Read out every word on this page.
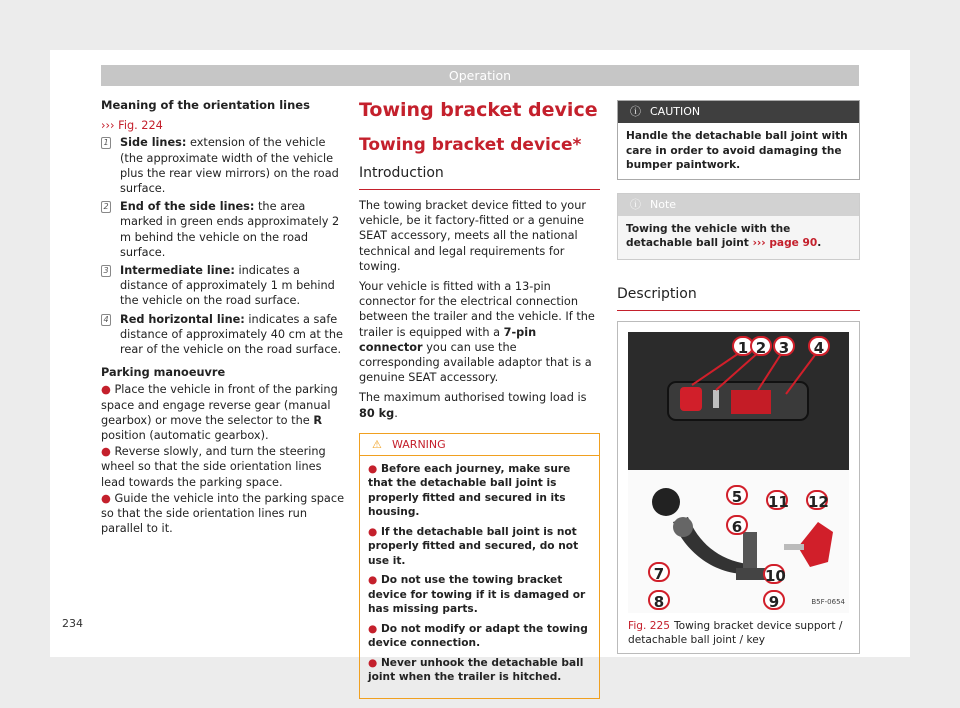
Operation
Meaning of the orientation lines
››› Fig. 224
1 Side lines: extension of the vehicle (the approximate width of the vehicle plus the rear view mirrors) on the road surface.
2 End of the side lines: the area marked in green ends approximately 2 m behind the vehicle on the road surface.
3 Intermediate line: indicates a distance of approximately 1 m behind the vehicle on the road surface.
4 Red horizontal line: indicates a safe distance of approximately 40 cm at the rear of the vehicle on the road surface.
Parking manoeuvre
● Place the vehicle in front of the parking space and engage reverse gear (manual gearbox) or move the selector to the R position (automatic gearbox).
● Reverse slowly, and turn the steering wheel so that the side orientation lines lead towards the parking space.
● Guide the vehicle into the parking space so that the side orientation lines run parallel to it.
Towing bracket device
Towing bracket device*
Introduction

The towing bracket device fitted to your vehicle, be it factory-fitted or a genuine SEAT accessory, meets all the national technical and legal requirements for towing.

Your vehicle is fitted with a 13-pin connector for the electrical connection between the trailer and the vehicle. If the trailer is equipped with a 7-pin connector you can use the corresponding available adaptor that is a genuine SEAT accessory.

The maximum authorised towing load is 80 kg.

⚠ WARNING

● Before each journey, make sure that the detachable ball joint is properly fitted and secured in its housing.

● If the detachable ball joint is not properly fitted and secured, do not use it.

● Do not use the towing bracket device for towing if it is damaged or has missing parts.

● Do not modify or adapt the towing device connection.

● Never unhook the detachable ball joint when the trailer is hitched.

ⓘ CAUTION
Handle the detachable ball joint with care in order to avoid damaging the bumper paintwork.
ⓘ Note
Towing the vehicle with the detachable ball joint ››› page 90.
Description
1 2 3	4
5
6
7
8	9
10
11 12
B5F-0654
Fig. 225 Towing bracket device support / detachable ball joint / key
234
